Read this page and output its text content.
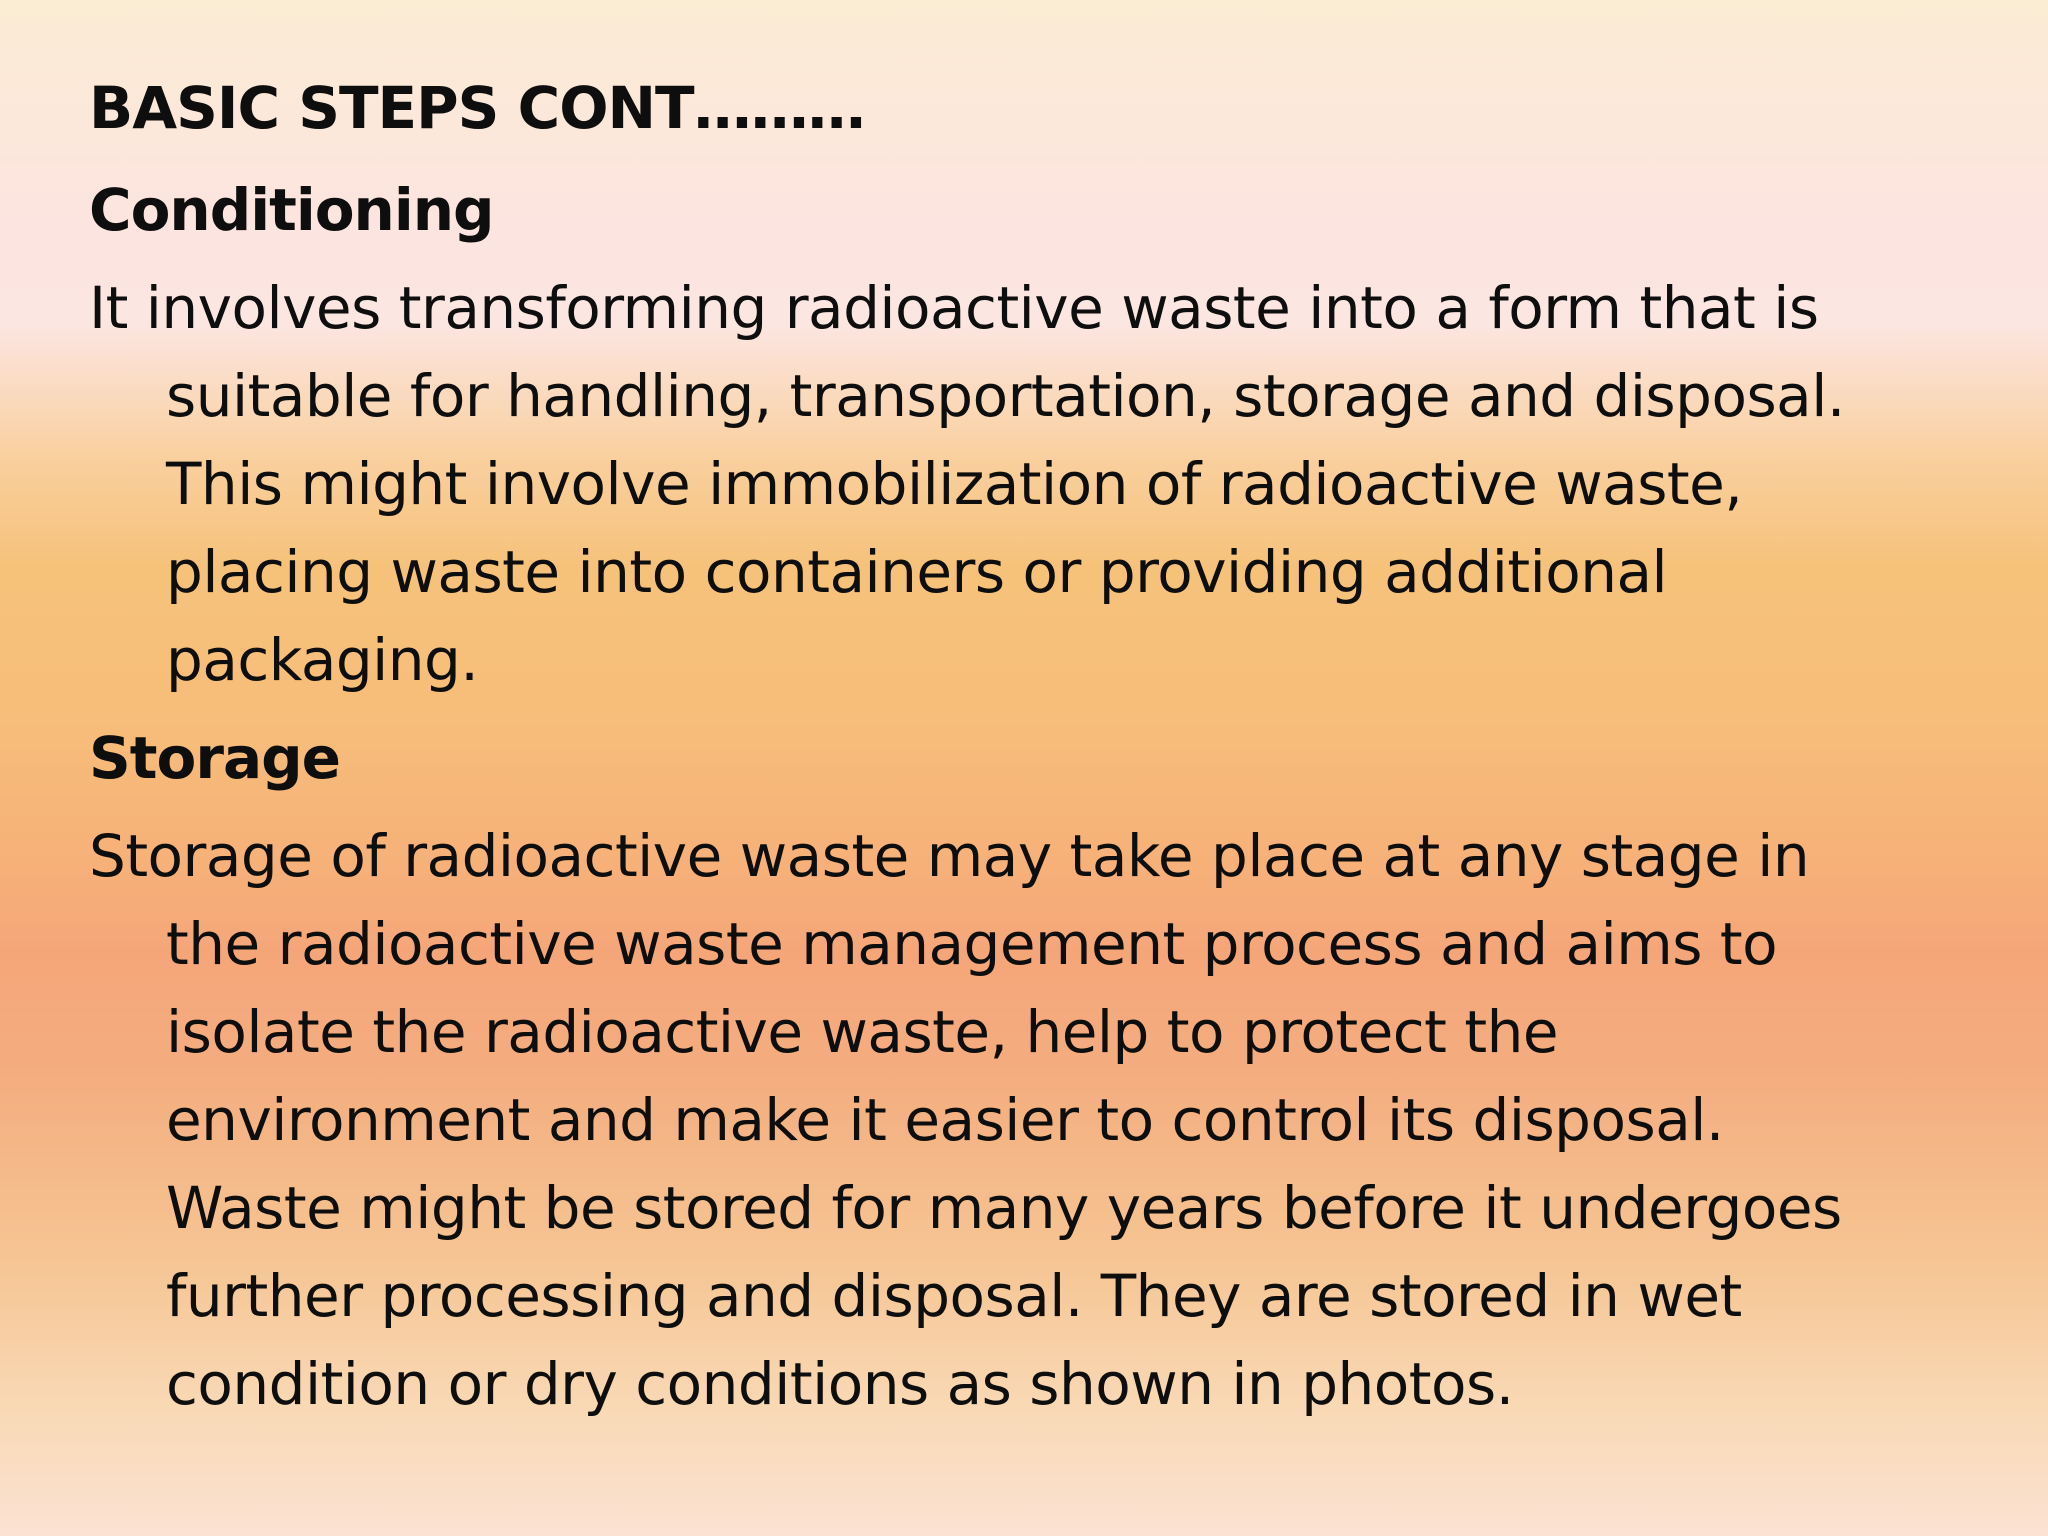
BASIC STEPS CONT………
Conditioning
It involves transforming radioactive waste into a form that is
suitable for handling, transportation, storage and disposal.
This might involve immobilization of radioactive waste,
placing waste into containers or providing additional
packaging.
Storage
Storage of radioactive waste may take place at any stage in
the radioactive waste management process and aims to
isolate the radioactive waste, help to protect the
environment and make it easier to control its disposal.
Waste might be stored for many years before it undergoes
further processing and disposal. They are stored in wet
condition or dry conditions as shown in photos.
